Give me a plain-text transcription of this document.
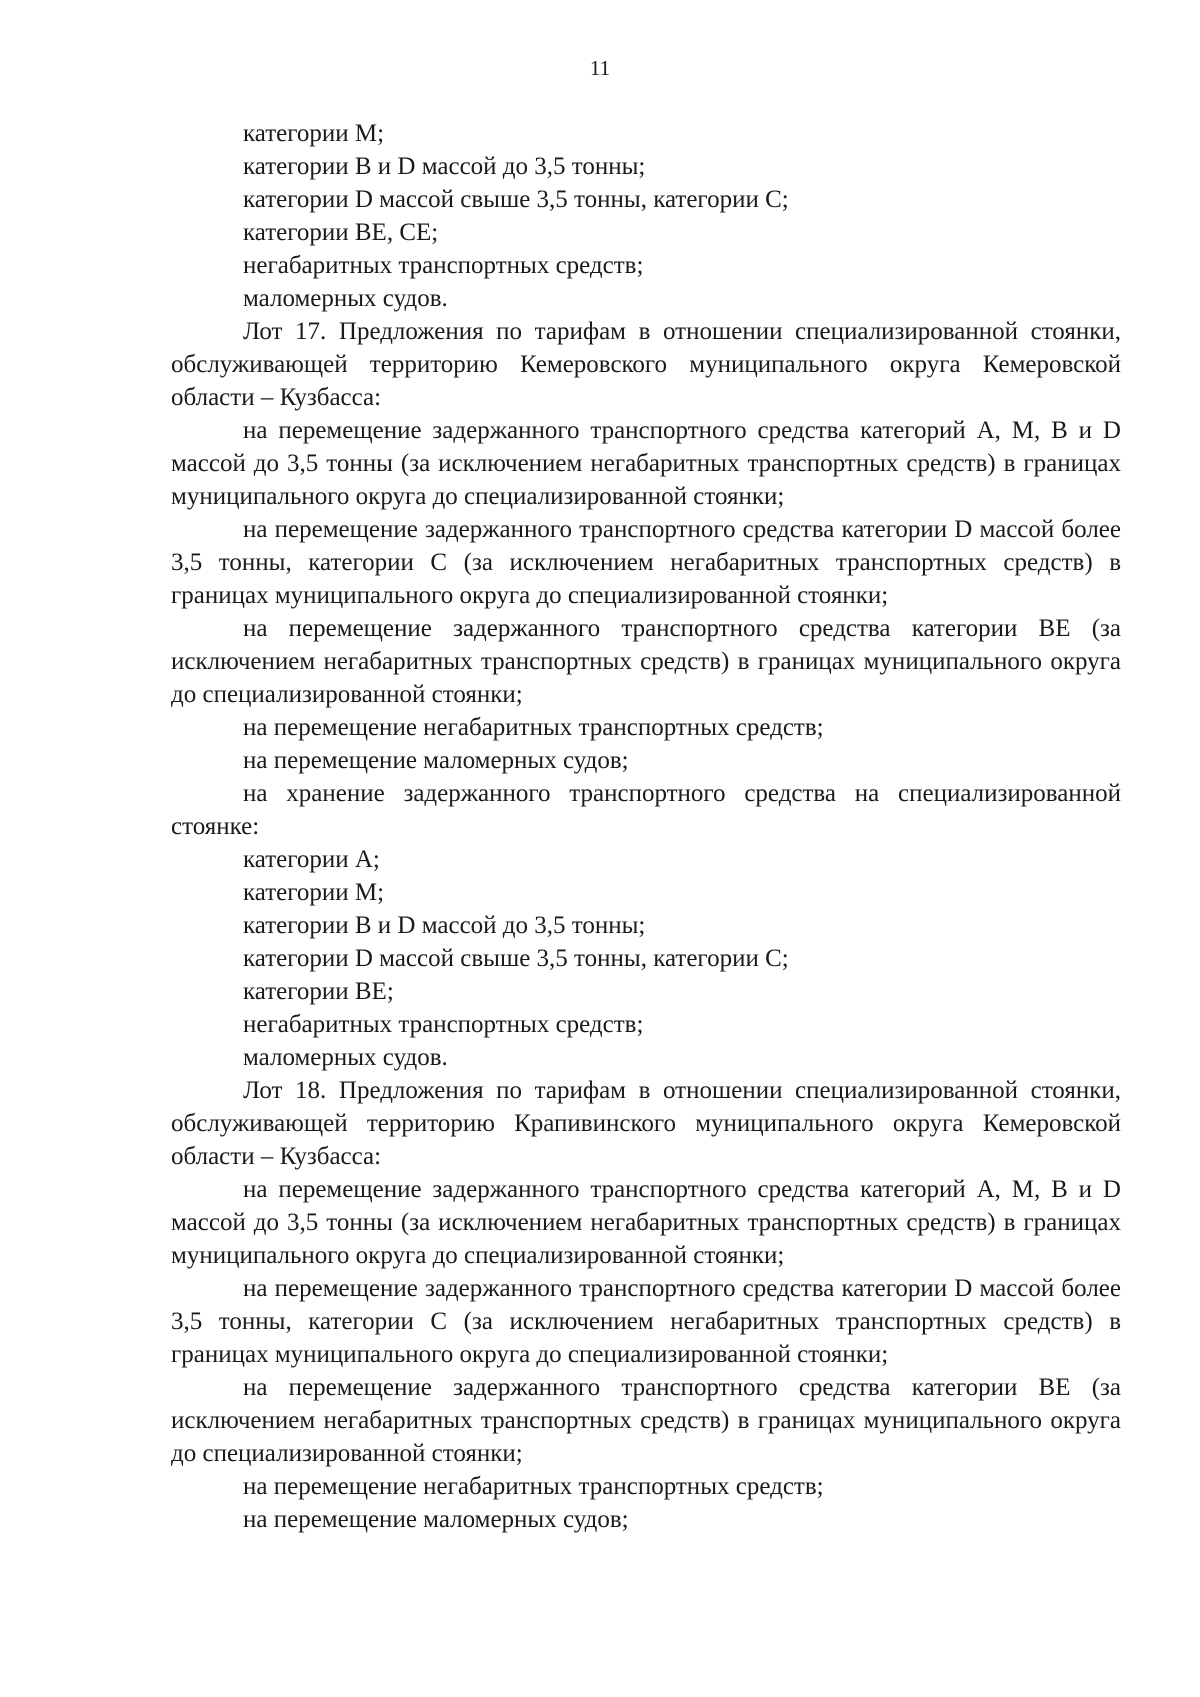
11

категории М;

категории В и D массой до 3,5 тонны;

категории D массой свыше 3,5 тонны, категории С;

категории ВЕ, СЕ;

негабаритных транспортных средств;

маломерных судов.

Лот 17. Предложения по тарифам в отношении специализированной стоянки, обслуживающей территорию Кемеровского муниципального округа Кемеровской области – Кузбасса:

на перемещение задержанного транспортного средства категорий А, М, В и D массой до 3,5 тонны (за исключением негабаритных транспортных средств) в границах муниципального округа до специализированной стоянки;

на перемещение задержанного транспортного средства категории D массой более 3,5 тонны, категории С (за исключением негабаритных транспортных средств) в границах муниципального округа до специализированной стоянки;

на перемещение задержанного транспортного средства категории ВЕ (за исключением негабаритных транспортных средств) в границах муниципального округа до специализированной стоянки;

на перемещение негабаритных транспортных средств;

на перемещение маломерных судов;

на хранение задержанного транспортного средства на специализированной стоянке:

категории А;

категории М;

категории В и D массой до 3,5 тонны;

категории D массой свыше 3,5 тонны, категории С;

категории ВЕ;

негабаритных транспортных средств;

маломерных судов.

Лот 18. Предложения по тарифам в отношении специализированной стоянки, обслуживающей территорию Крапивинского муниципального округа Кемеровской области – Кузбасса:

на перемещение задержанного транспортного средства категорий А, М, В и D массой до 3,5 тонны (за исключением негабаритных транспортных средств) в границах муниципального округа до специализированной стоянки;

на перемещение задержанного транспортного средства категории D массой более 3,5 тонны, категории С (за исключением негабаритных транспортных средств) в границах муниципального округа до специализированной стоянки;

на перемещение задержанного транспортного средства категории ВЕ (за исключением негабаритных транспортных средств) в границах муниципального округа до специализированной стоянки;

на перемещение негабаритных транспортных средств;

на перемещение маломерных судов;
